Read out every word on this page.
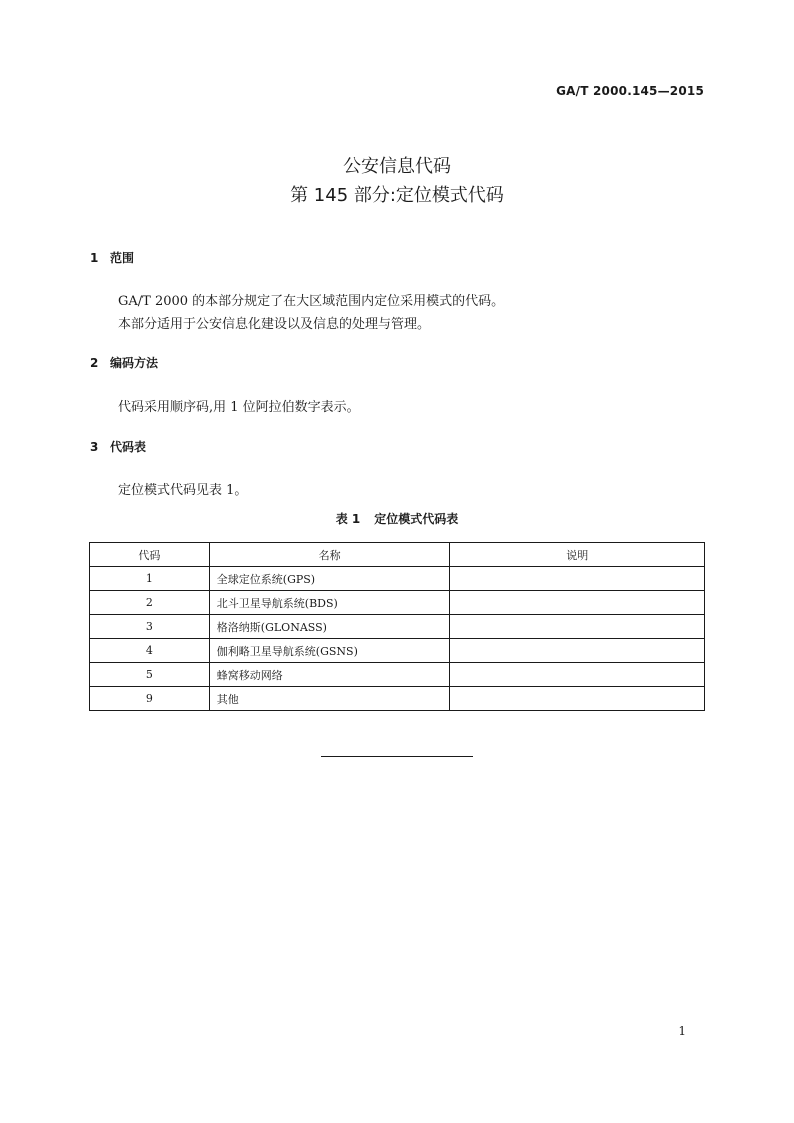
GA/T 2000.145—2015
公安信息代码
第 145 部分:定位模式代码
1 范围
GA/T 2000 的本部分规定了在大区域范围内定位采用模式的代码。
本部分适用于公安信息化建设以及信息的处理与管理。
2 编码方法
代码采用顺序码,用 1 位阿拉伯数字表示。
3 代码表
定位模式代码见表 1。
表 1 定位模式代码表
代码	名称	说明
1	全球定位系统(GPS)	
2	北斗卫星导航系统(BDS)	
3	格洛纳斯(GLONASS)	
4	伽利略卫星导航系统(GSNS)	
5	蜂窝移动网络	
9	其他	
1
